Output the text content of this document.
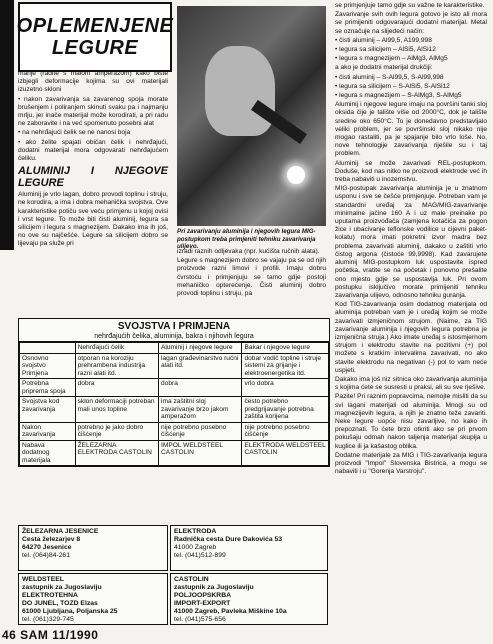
OPLEMENJENE
LEGURE

manje (radite s malom amperažom) kako biste izbjegli deformacije kojima su ovi materijali izuzetno skloni

• nakon zavarivanja sa zavarenog spoja morate brušenjem i poliranjem skinuti svaku pa i najmanju mrlju, jer inače materijal može korodirati, a pri radu ne zaboravite i na već spomenuto posebni alat

• na nehrđajući čelik se ne nanosi boja

• ako želite spajati običan čelik i nehrđajući, dodatni materijal mora odgovarati nehrđajućem čeliku.

ALUMINIJ I NJEGOVE LEGURE

Aluminij je vrlo lagan, dobro provodi toplinu i struju, ne korodira, a ima i dobra mehanička svojstva. Ove karakteristike potiču sve veću primjenu u kojoj ovisi i vrst legure. To može biti čisti aluminij, legura sa silicijem i legura s magnezijem. Dakako ima ih još, no ove su najčešće. Legure sa silicijem dobro se lijevaju pa služe pri

Pri zavarivanju aluminija i njegovih legura MIG-postupkom treba primjeniti tehniku zavarivanja ulijevo.

izradi raznih odljevaka (npr. kućišta ručnih alata).

Legure s magnezijem dobro se vajaju pa se od njih proizvode razni limovi i profili. Imaju dobru čvrstoću i primjenjuju se tamo gdje postoji mehaničko opterećenje. Čisti aluminij dobro provodi toplinu i struju, pa

se primjenjuje tamo gdje su važne te karakteristike.

Zavarivanje svih ovih legura gotovo je isto ali mora se primijeniti odgovarajući dodatni materijal. Metal se označuje na slijedeći način:

• čisti aluminij – Al99,5, A199,998

• legura sa silicijem – AlSi5, AlSi12

• legura s magnezijem – AlMg3, AlMg5

a ako je dodatni materijal drukčiji:

• čisti aluminij – S-Al99,5, S-Al99,998

• legura sa silicijem – S-AlSi5, S-AlSi12

• legura s magnezijem – S-AlMg3, S-AlMg5

Aluminij i njegove legure imaju na površini tanki sloj oksida čije je talište više od 2000°C, dok je talište sredine oko 650°C. To je donedavno predstavljalo veliki problem, jer se površinski sloj nikako nije mogao rastaliti, pa je spajanje bilo vrlo loše. No, nove tehnologije zavarivanja riješile su i taj problem.

Aluminij se može zavarivati REL-postupkom. Dodušе, kod nas nitko ne proizvodi elektrode već ih treba nabaviti u inozemstvu.

MIG-postupak zavarivanja aluminija je u znatnom usponu i sve se češće primjenjuje. Potreban vam je standardni uređaj za MAG/MIG-zavarivanje minimalne jačine 160 A i uz male preinake po uputama proizvođača (zamjena kotačića za pogon žice i ubacivanje teflonske vodilice u cijevni paket-kolatu) mora imati pokretni izvor madra bez problema zavarivati aluminij, dakako u zaštiti vrlo čistog argona (čistoće 99,9998). Kad zavarujete aluminij MIG-postupkom luk uspostavite ispred početka, vratite se na početak i ponovno prešalite ono mjesto gdje se uspostavlja luk. Pri ovom postupku isključivo morate primijeniti tehniku zavarivanja ulijevo, odnosno tehniku guranja.

Kod TIG-zavarivanja osim dodatnog materijala od aluminija potreban vam je i uređaj kojim se može zavarivati izmjeničnom strujom. (Naime, za TIG zavarivanje aluminija i njegovih legura potrebna je izmjenična struja.) Ako imate uređaj s istosmjernom strujom i elektrodu stavite na pozitivni (+) pol možete s kratkim intervalima zavarivati, no ako stavite elektrodu na negativan (-) pol to vam neće uspjeti.

Dakako ima još niz sitnica oko zavarivanja aluminija s kojima ćete se susresti u praksi, ali su sve rješive.

Pazite! Pri raznim popravcima, nemojte misliti da su svi lagani materijali od aluminija. Mnogi su od magnezijevih legura, a njih je znatno teže zavariti. Neke legure uopće nisu zavarljive, no kako ih prepoznati. To ćete brzo otkriti ako se pri prvom pokušaju odmah nakon taljenja materijal skupljа u kuglice ili ja kašastog oblika.

Dodatne materijale za MIG i TIG-zavarivanja legura proizvodi "Impol" Slovenska Bistrica, a mogu se nabaviti i u "Gorenja Varstroju".

SVOJSTVA I PRIMJENA
nehrđajućih čelika, aluminija, bakra i njihovih legura
	Nehrđajući čelik	Aluminij i njegove legure	Bakar i njegove legure
Osnovno svojstvo Primjena	otporan na koroziju prehrambena industrija razni alati itd.	lagan građevinarstvo ručni alati itd.	dobar vodič topline i struje sistemi za grijanje i elektroenergetika itd.
Potrebna priprema spoja	dobra	dobra	vrlo dobra
Svojstva kod zavarivanja	sklon deformaciji potreban mali unos topline	ima zaštitni sloj zavarivanje brzo jakom amperažom	često potrebno predgrijavanje potrebna zaštita korijena
Nakon zavarivanja	potrebno je jako dobro čišćenje	nije potrebno posebno čišćenje	nije potrebno posebno čišćenje
Nabava dodatnog materijala	ŽELEZARNA ELEKTRODA CASTOLIN	IMPOL WELDSTEEL CASTOLIN	ELEKTRODA WELDSTEEL CASTOLIN
ŽELEZARNA JESENICE
Cesta železarjev 8
64270 Jesenice
tel. (064)84-261
ELEKTRODA
Radnička cesta Dure Dakovića 53
41000 Zagreb
tel. (041)512-899
WELDSTEEL
zastupnik za Jugoslaviju
ELEKTROTEHNA
DO JUNEL, TOZD Elzas
61000 Ljubljana, Poljanska 25
tel. (061)329-745
CASTOLIN
zastupnik za Jugoslaviju
POLJOOPSKRBA
IMPORT-EXPORT
41000 Zagreb, Pavleka Miškine 10a
tel. (041)575-656
46 SAM 11/1990
